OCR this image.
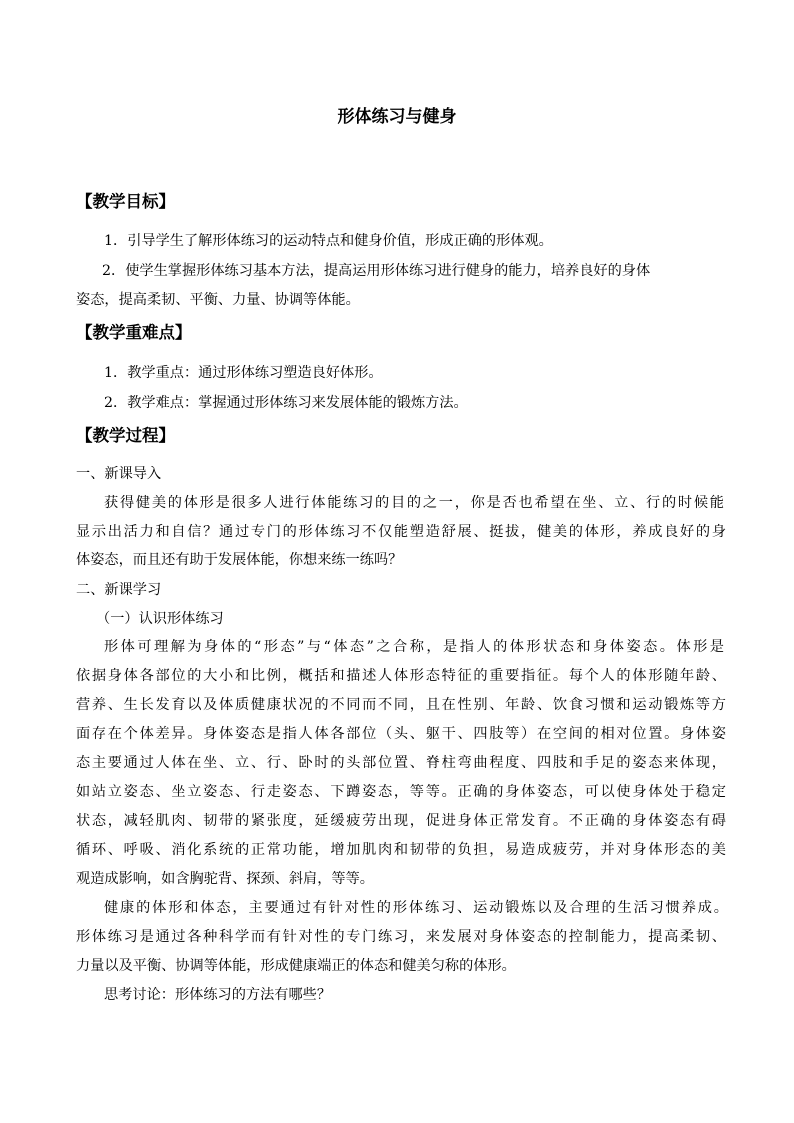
形体练习与健身
【教学目标】

1．引导学生了解形体练习的运动特点和健身价值，形成正确的形体观。

2．使学生掌握形体练习基本方法，提高运用形体练习进行健身的能力，培养良好的身体

姿态，提高柔韧、平衡、力量、协调等体能。

【教学重难点】

1．教学重点：通过形体练习塑造良好体形。

2．教学难点：掌握通过形体练习来发展体能的锻炼方法。

【教学过程】

一、新课导入

获得健美的体形是很多人进行体能练习的目的之一，你是否也希望在坐、立、行的时候能

显示出活力和自信？通过专门的形体练习不仅能塑造舒展、挺拔，健美的体形，养成良好的身

体姿态，而且还有助于发展体能，你想来练一练吗？

二、新课学习

（一）认识形体练习

形体可理解为身体的“形态”与“体态”之合称，是指人的体形状态和身体姿态。体形是

依据身体各部位的大小和比例，概括和描述人体形态特征的重要指征。每个人的体形随年龄、

营养、生长发育以及体质健康状况的不同而不同，且在性别、年龄、饮食习惯和运动锻炼等方

面存在个体差异。身体姿态是指人体各部位（头、躯干、四肢等）在空间的相对位置。身体姿

态主要通过人体在坐、立、行、卧时的头部位置、脊柱弯曲程度、四肢和手足的姿态来体现，

如站立姿态、坐立姿态、行走姿态、下蹲姿态，等等。正确的身体姿态，可以使身体处于稳定

状态，减轻肌肉、韧带的紧张度，延缓疲劳出现，促进身体正常发育。不正确的身体姿态有碍

循环、呼吸、消化系统的正常功能，增加肌肉和韧带的负担，易造成疲劳，并对身体形态的美

观造成影响，如含胸驼背、探颈、斜肩，等等。

健康的体形和体态，主要通过有针对性的形体练习、运动锻炼以及合理的生活习惯养成。

形体练习是通过各种科学而有针对性的专门练习，来发展对身体姿态的控制能力，提高柔韧、

力量以及平衡、协调等体能，形成健康端正的体态和健美匀称的体形。

思考讨论：形体练习的方法有哪些？
